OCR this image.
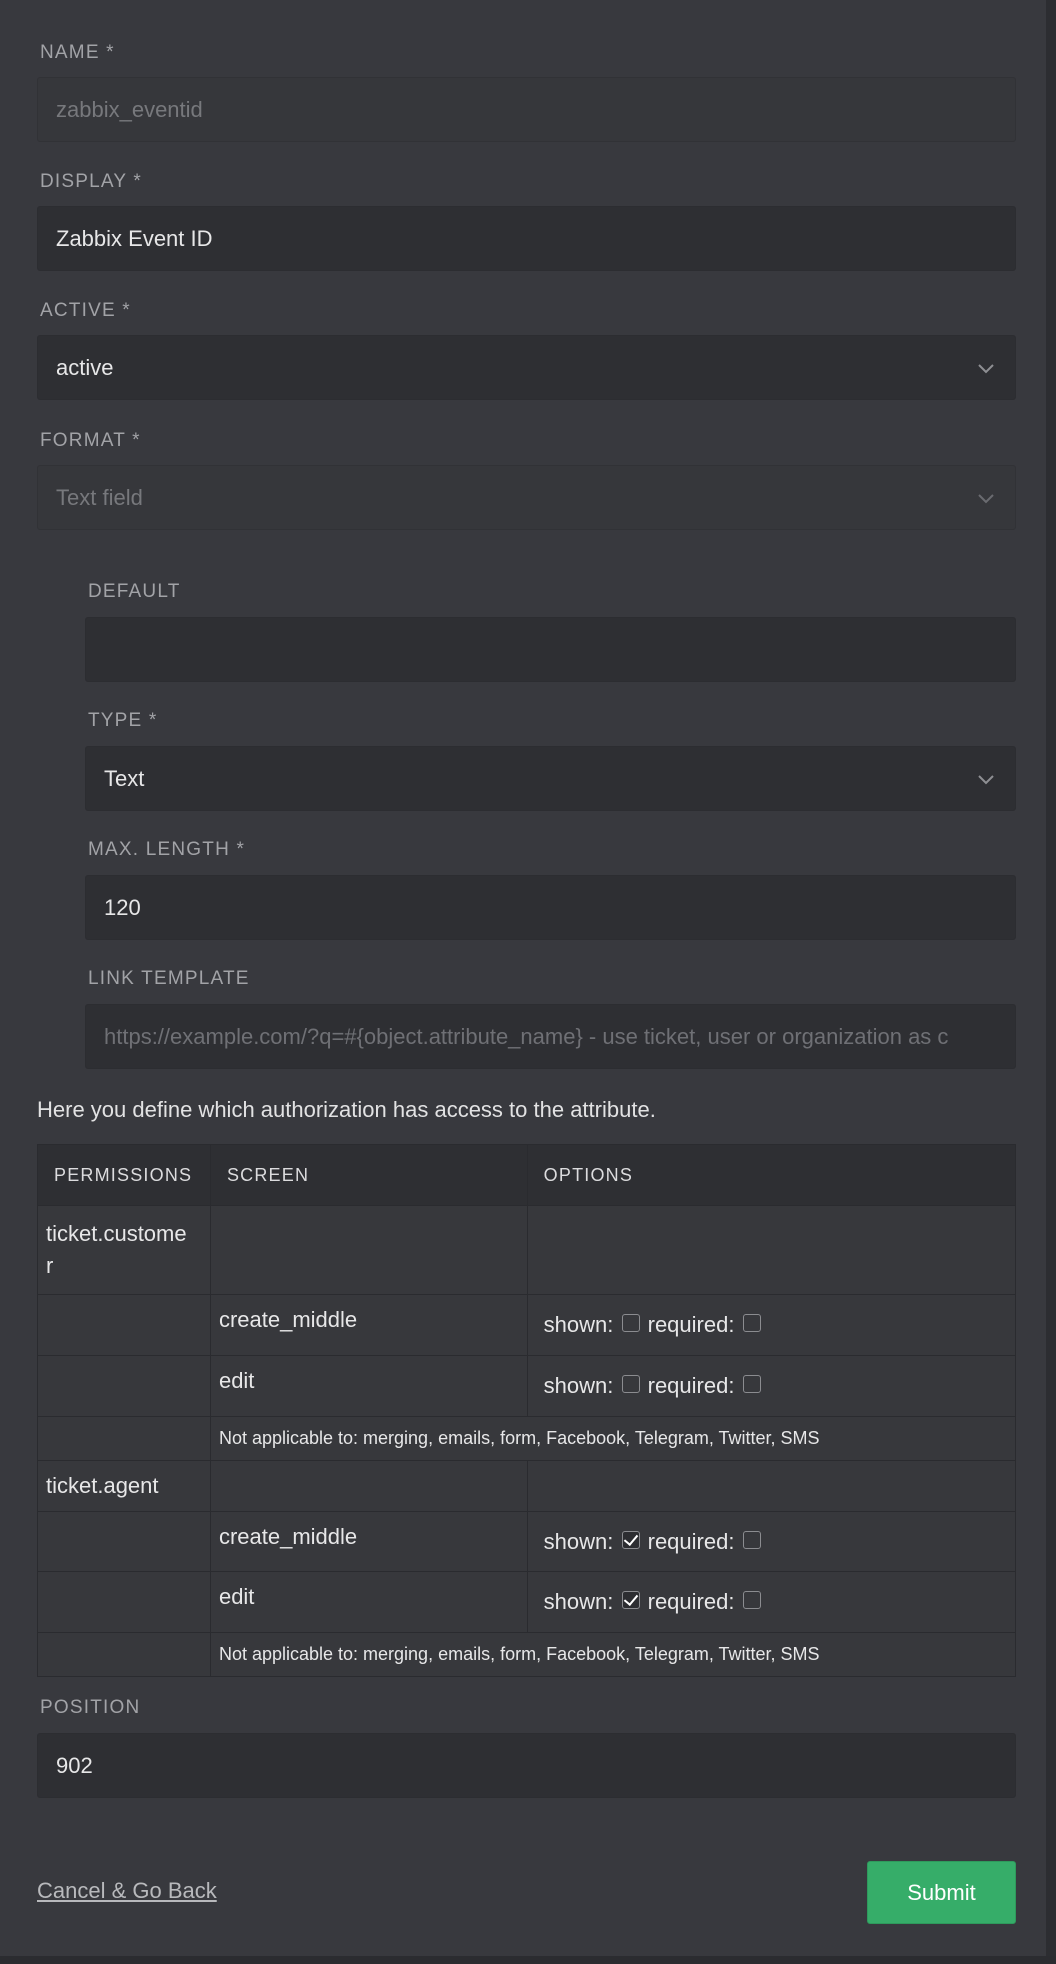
NAME *
zabbix_eventid
DISPLAY *
Zabbix Event ID
ACTIVE *
active
FORMAT *
Text field
DEFAULT
TYPE *
Text
MAX. LENGTH *
120
LINK TEMPLATE
https://example.com/?q=#{object.attribute_name} - use ticket, user or organization as c
Here you define which authorization has access to the attribute.
PERMISSIONS	SCREEN	OPTIONS
ticket.custome
r		
	create_middle	shown: required:
	edit	shown: required:
	Not applicable to: merging, emails, form, Facebook, Telegram, Twitter, SMS	
ticket.agent		
	create_middle	shown: required:
	edit	shown: required:
	Not applicable to: merging, emails, form, Facebook, Telegram, Twitter, SMS	
POSITION
902
Cancel & Go Back	Submit
